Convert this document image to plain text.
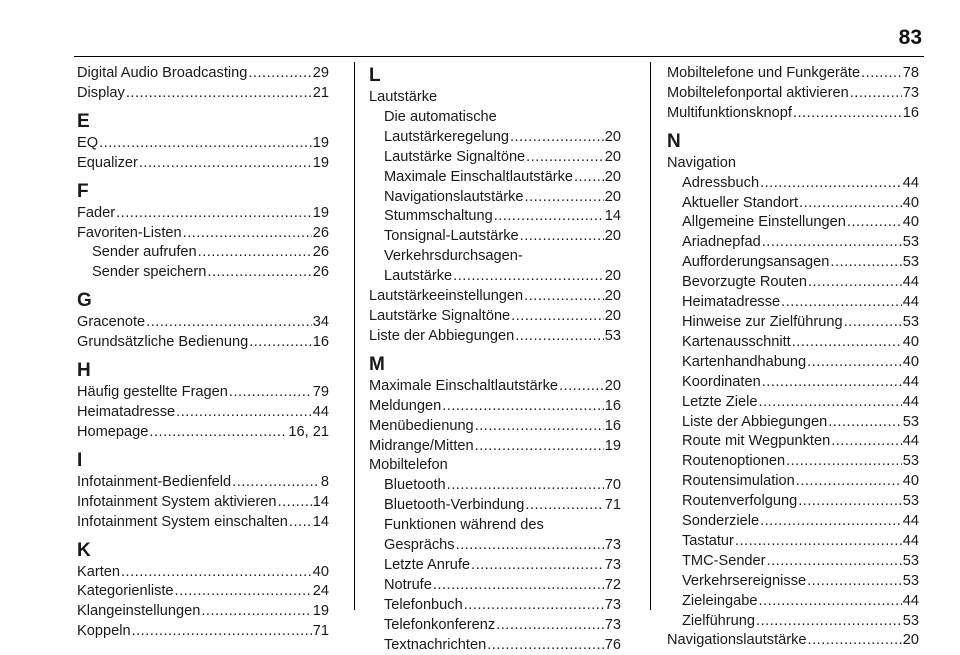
83
Digital Audio Broadcasting .....	29
Display .....	21
E
EQ .....	19
Equalizer .....	19
F
Fader .....	19
Favoriten-Listen .....	26
Sender aufrufen .....	26
Sender speichern .....	26
G
Gracenote .....	34
Grundsätzliche Bedienung .....	16
H
Häufig gestellte Fragen .....	79
Heimatadresse .....	44
Homepage .....	16, 21
I
Infotainment-Bedienfeld .....	8
Infotainment System aktivieren ..... 14
Infotainment System einschalten ..... 14
K
Karten .....	40
Kategorienliste .....	24
Klangeinstellungen .....	19
Koppeln .....	71
L
Lautstärke
Die automatische
Lautstärkeregelung .....	20
Lautstärke Signaltöne .....	20
Maximale Einschaltlautstärke ..... 20
Navigationslautstärke .....	20
Stummschaltung .....	14
Tonsignal-Lautstärke .....	20
Verkehrsdurchsagen-
Lautstärke .....	20
Lautstärkeeinstellungen .....	20
Lautstärke Signaltöne .....	20
Liste der Abbiegungen .....	53
M
Maximale Einschaltlautstärke .....	20
Meldungen .....	16
Menübedienung .....	16
Midrange/Mitten .....	19
Mobiltelefon
Bluetooth .....	70
Bluetooth-Verbindung .....	71
Funktionen während des
Gesprächs .....	73
Letzte Anrufe .....	73
Notrufe .....	72
Telefonbuch .....	73
Telefonkonferenz .....	73
Textnachrichten .....	76
Mobiltelefone und Funkgeräte .....	78
Mobiltelefonportal aktivieren .....	73
Multifunktionsknopf .....	16
N
Navigation
Adressbuch .....	44
Aktueller Standort .....	40
Allgemeine Einstellungen .....	40
Ariadnepfad .....	53
Aufforderungsansagen .....	53
Bevorzugte Routen .....	44
Heimatadresse .....	44
Hinweise zur Zielführung .....	53
Kartenausschnitt .....	40
Kartenhandhabung .....	40
Koordinaten .....	44
Letzte Ziele .....	44
Liste der Abbiegungen .....	53
Route mit Wegpunkten .....	44
Routenoptionen .....	53
Routensimulation .....	40
Routenverfolgung .....	53
Sonderziele .....	44
Tastatur .....	44
TMC-Sender .....	53
Verkehrsereignisse .....	53
Zieleingabe .....	44
Zielführung .....	53
Navigationslautstärke .....	20
